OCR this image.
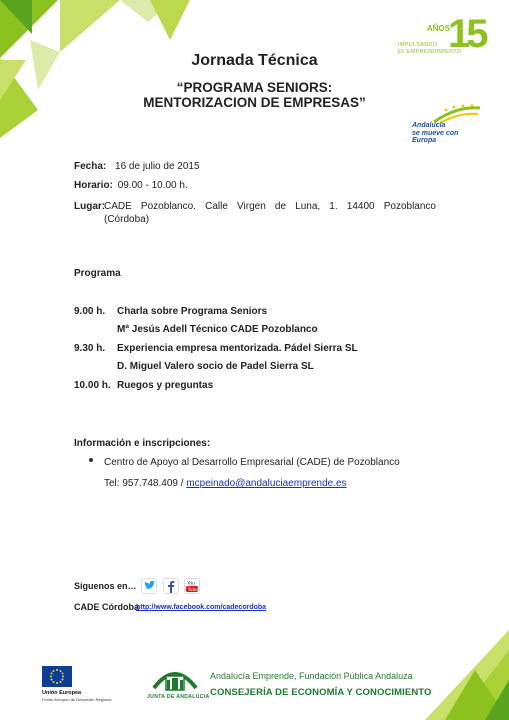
AÑOS
15
IMPULSANDO
EL EMPRENDIMIENTO
Jornada Técnica
“PROGRAMA SENIORS:
MENTORIZACION DE EMPRESAS”
Andalucía
se mueve con Europa
Fecha: 16 de julio de 2015
Horario: 09.00 - 10.00 h.
Lugar:
CADE Pozoblanco. Calle Virgen de Luna, 1. 14400 Pozoblanco
(Córdoba)
Programa
9.00 h. Charla sobre Programa Seniors
Mª Jesús Adell Técnico CADE Pozoblanco
9.30 h. Experiencia empresa mentorizada. Pádel Sierra SL
D. Miguel Valero socio de Padel Sierra SL
10.00 h. Ruegos y preguntas
Información e inscripciones:
Centro de Apoyo al Desarrollo Empresarial (CADE) de Pozoblanco
Tel: 957.748.409 / mcpeinado@andaluciaemprende.es
Síguenos en…	You
Tube
CADE Córdoba
http://www.facebook.com/cadecordoba
Unión Europea
Fondo Europeo de Desarrollo Regional	JUNTA DE ANDALUCIA
Andalucía Emprende, Fundación Pública Andaluza
CONSEJERÍA DE ECONOMÍA Y CONOCIMIENTO
